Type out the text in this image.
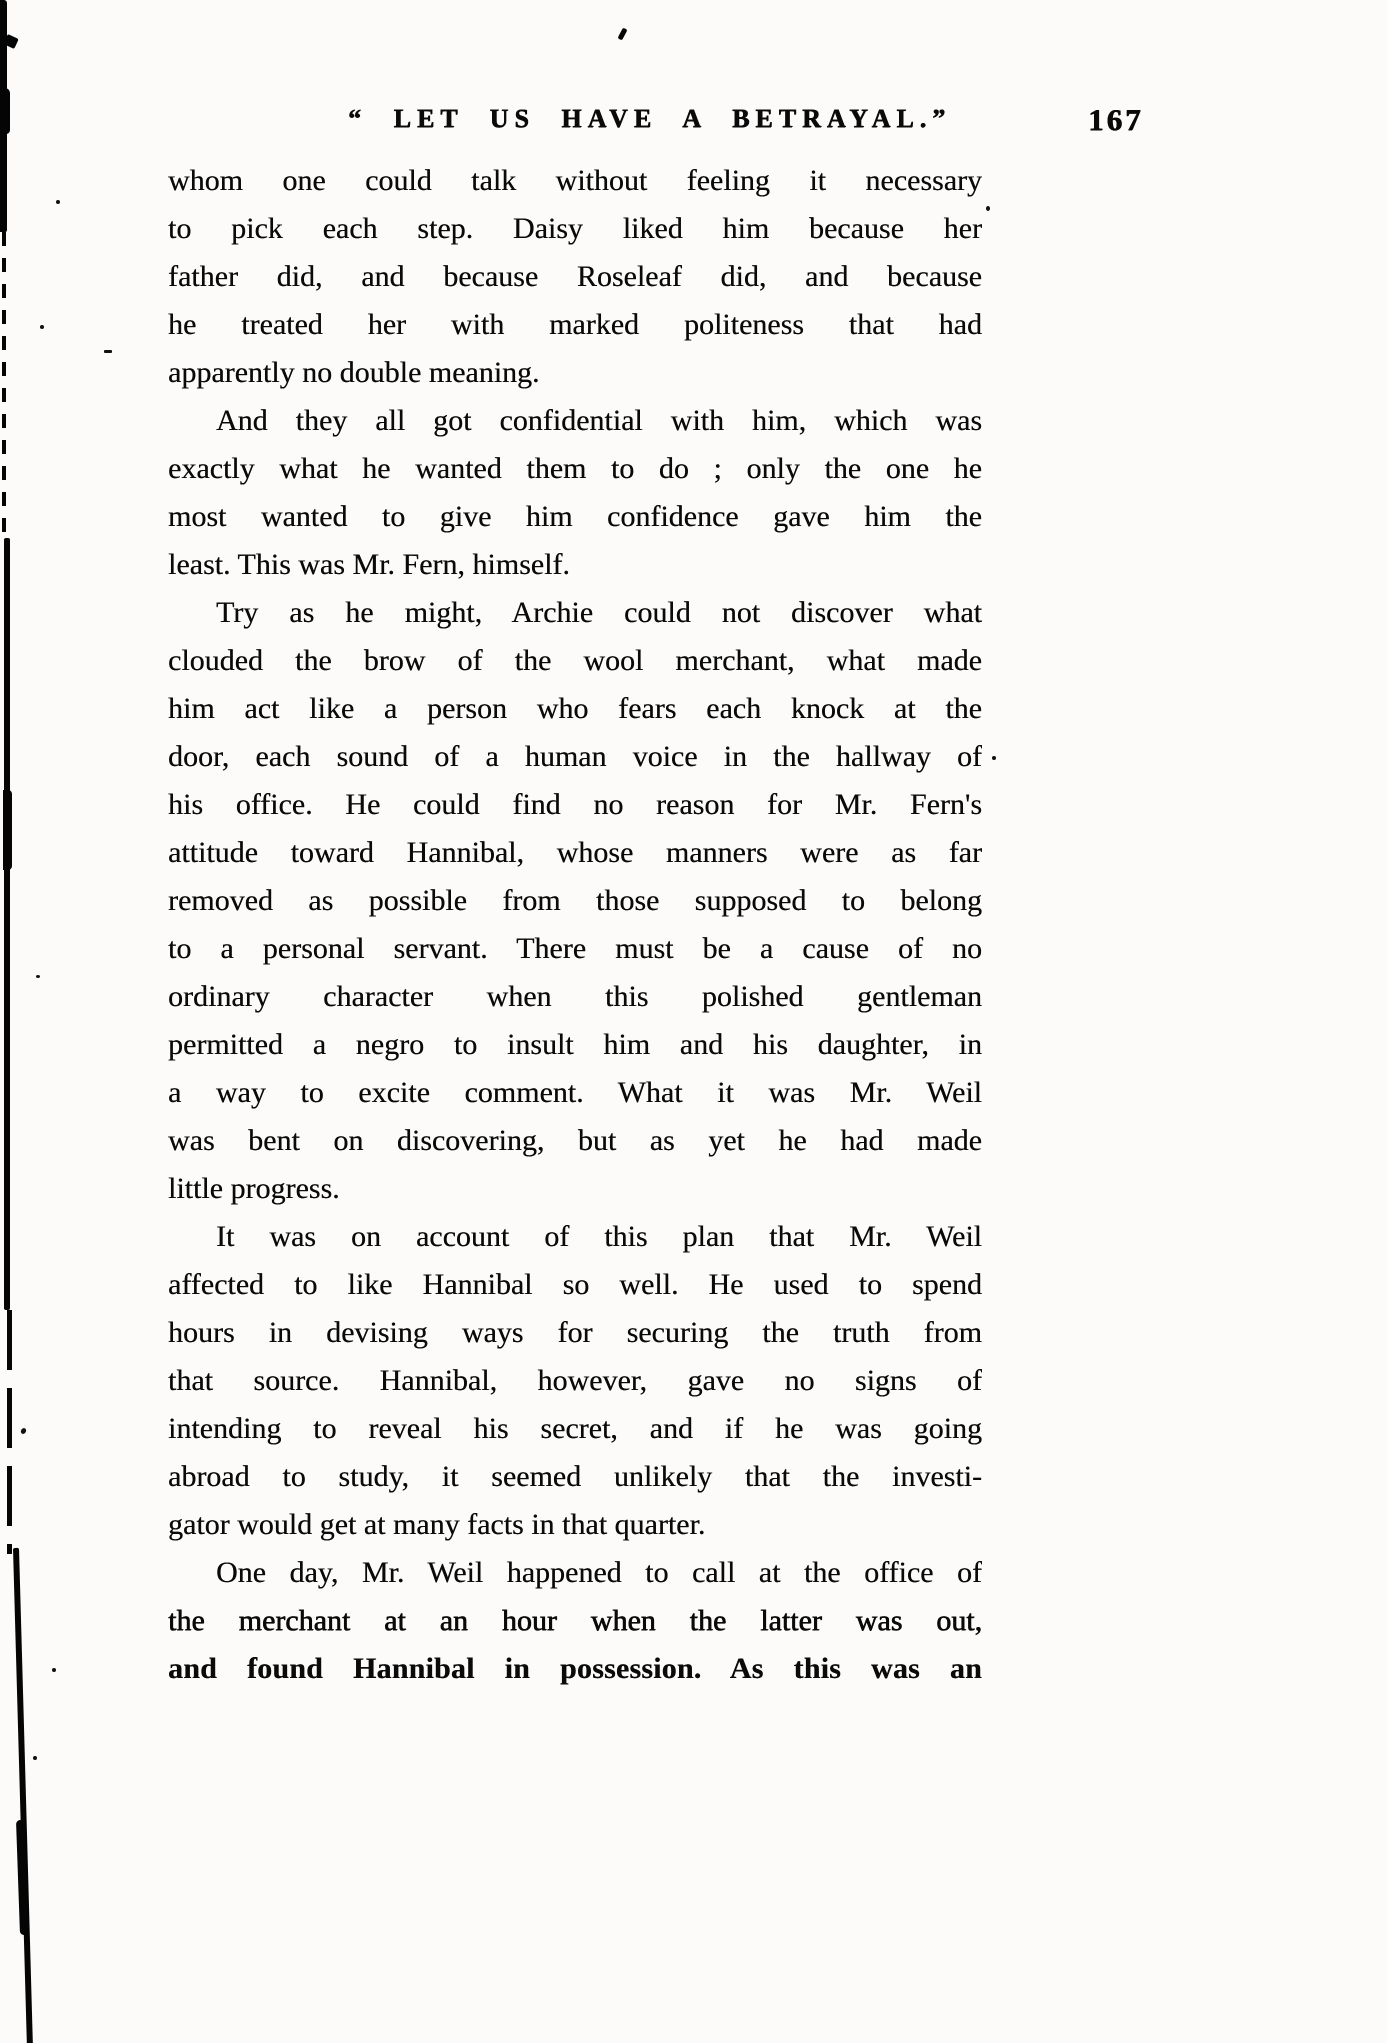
“ LET US HAVE A BETRAYAL.”	167
whom one could talk without feeling it necessary
to pick each step. Daisy liked him because her
father did, and because Roseleaf did, and because
he treated her with marked politeness that had
apparently no double meaning.
And they all got confidential with him, which was
exactly what he wanted them to do ; only the one he
most wanted to give him confidence gave him the
least. This was Mr. Fern, himself.
Try as he might, Archie could not discover what
clouded the brow of the wool merchant, what made
him act like a person who fears each knock at the
door, each sound of a human voice in the hallway of
his office. He could find no reason for Mr. Fern's
attitude toward Hannibal, whose manners were as far
removed as possible from those supposed to belong
to a personal servant. There must be a cause of no
ordinary character when this polished gentleman
permitted a negro to insult him and his daughter, in
a way to excite comment. What it was Mr. Weil
was bent on discovering, but as yet he had made
little progress.
It was on account of this plan that Mr. Weil
affected to like Hannibal so well. He used to spend
hours in devising ways for securing the truth from
that source. Hannibal, however, gave no signs of
intending to reveal his secret, and if he was going
abroad to study, it seemed unlikely that the investi-
gator would get at many facts in that quarter.
One day, Mr. Weil happened to call at the office of
the merchant at an hour when the latter was out,
and found Hannibal in possession. As this was an
